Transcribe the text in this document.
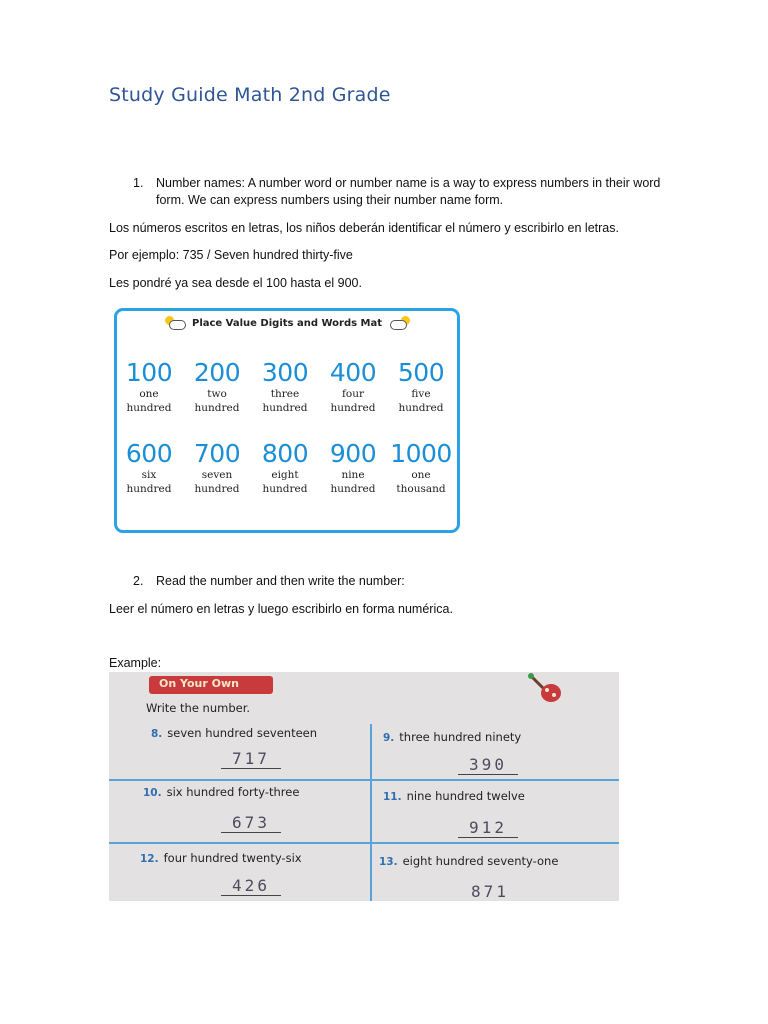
Study Guide Math 2nd Grade
1. Number names: A number word or number name is a way to express numbers in their word form. We can express numbers using their number name form.
Los números escritos en letras, los niños deberán identificar el número y escribirlo en letras.
Por ejemplo: 735 / Seven hundred thirty-five
Les pondré ya sea desde el 100 hasta el 900.
Place Value Digits and Words Mat
100
one
hundred
200
two
hundred
300
three
hundred
400
four
hundred
500
five
hundred
600
six
hundred
700
seven
hundred
800
eight
hundred
900
nine
hundred
1000
one
thousand
2. Read the number and then write the number:
Leer el número en letras y luego escribirlo en forma numérica.
Example:
On Your Own
Write the number.
8. seven hundred seventeen
717
9. three hundred ninety
390
10. six hundred forty-three
673
11. nine hundred twelve
912
12. four hundred twenty-six
426
13. eight hundred seventy-one
871
